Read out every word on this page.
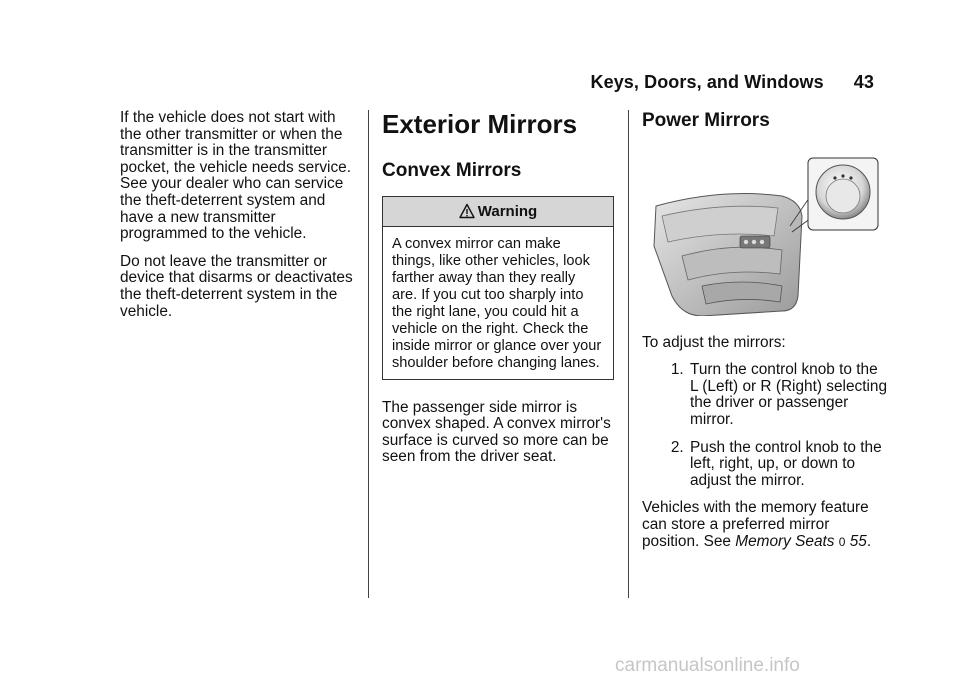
Keys, Doors, and Windows 43

If the vehicle does not start with the other transmitter or when the transmitter is in the transmitter pocket, the vehicle needs service. See your dealer who can service the theft-deterrent system and have a new transmitter programmed to the vehicle.

Do not leave the transmitter or device that disarms or deactivates the theft-deterrent system in the vehicle.

Exterior Mirrors
Convex Mirrors
Warning
A convex mirror can make things, like other vehicles, look farther away than they really are. If you cut too sharply into the right lane, you could hit a vehicle on the right. Check the inside mirror or glance over your shoulder before changing lanes.

The passenger side mirror is convex shaped. A convex mirror's surface is curved so more can be seen from the driver seat.

Power Mirrors

To adjust the mirrors:

1. Turn the control knob to the L (Left) or R (Right) selecting the driver or passenger mirror.
2. Push the control knob to the left, right, up, or down to adjust the mirror.

Vehicles with the memory feature can store a preferred mirror position. See Memory Seats 0 55.

carmanualsonline.info
